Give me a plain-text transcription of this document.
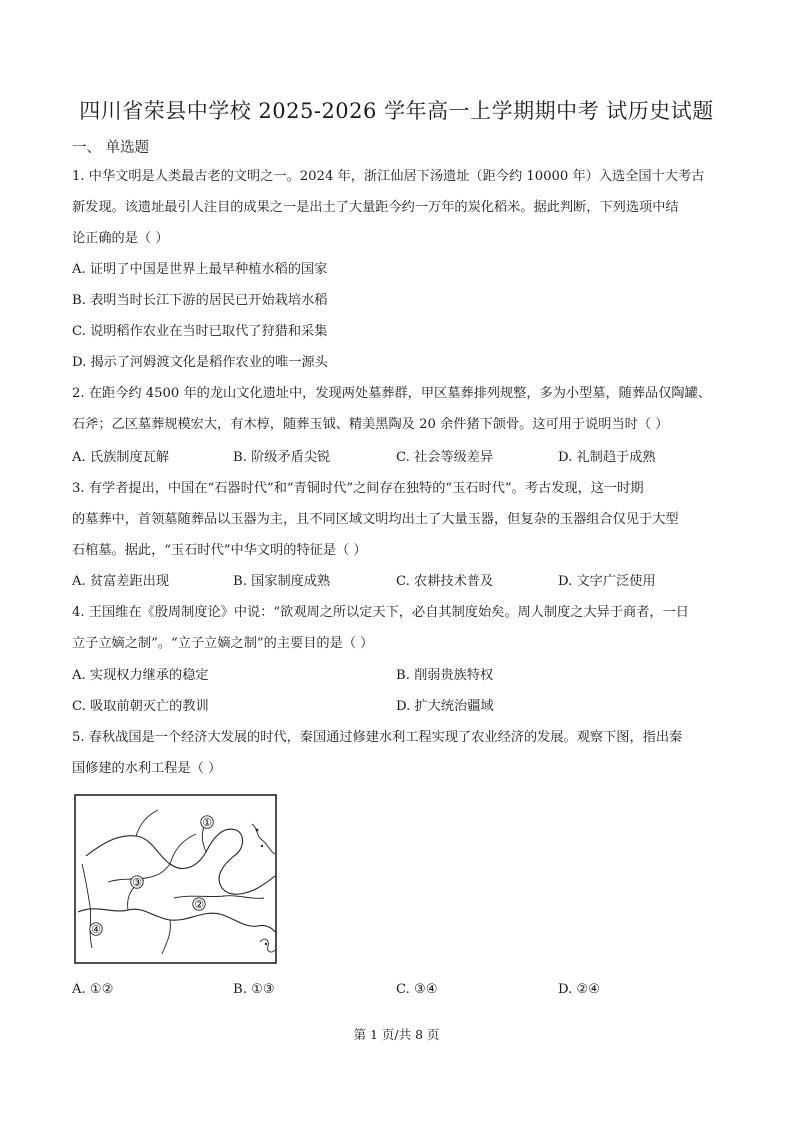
四川省荣县中学校 2025-2026 学年高一上学期期中考 试历史试题
一、 单选题
1. 中华文明是人类最古老的文明之一。2024 年，浙江仙居下汤遗址（距今约 10000 年）入选全国十大考古
新发现。该遗址最引人注目的成果之一是出土了大量距今约一万年的炭化稻米。据此判断，下列选项中结
论正确的是（ ）
A. 证明了中国是世界上最早种植水稻的国家
B. 表明当时长江下游的居民已开始栽培水稻
C. 说明稻作农业在当时已取代了狩猎和采集
D. 揭示了河姆渡文化是稻作农业的唯一源头
2. 在距今约 4500 年的龙山文化遗址中，发现两处墓葬群，甲区墓葬排列规整，多为小型墓，随葬品仅陶罐、
石斧；乙区墓葬规模宏大，有木椁，随葬玉钺、精美黑陶及 20 余件猪下颌骨。这可用于说明当时（ ）
A. 氏族制度瓦解	B. 阶级矛盾尖锐	C. 社会等级差异	D. 礼制趋于成熟
3. 有学者提出，中国在“石器时代”和“青铜时代”之间存在独特的“玉石时代”。考古发现，这一时期
的墓葬中，首领墓随葬品以玉器为主，且不同区域文明均出土了大量玉器，但复杂的玉器组合仅见于大型
石棺墓。据此，“玉石时代”中华文明的特征是（ ）
A. 贫富差距出现	B. 国家制度成熟	C. 农耕技术普及	D. 文字广泛使用
4. 王国维在《殷周制度论》中说：“欲观周之所以定天下，必自其制度始矣。周人制度之大异于商者，一日
立子立嫡之制”。“立子立嫡之制”的主要目的是（ ）
A. 实现权力继承的稳定	B. 削弱贵族特权
C. 吸取前朝灭亡的教训	D. 扩大统治疆域
5. 春秋战国是一个经济大发展的时代，秦国通过修建水利工程实现了农业经济的发展。观察下图，指出秦
国修建的水利工程是（ ）
①
②
③
④
A. ①②	B. ①③	C. ③④	D. ②④
第 1 页/共 8 页
